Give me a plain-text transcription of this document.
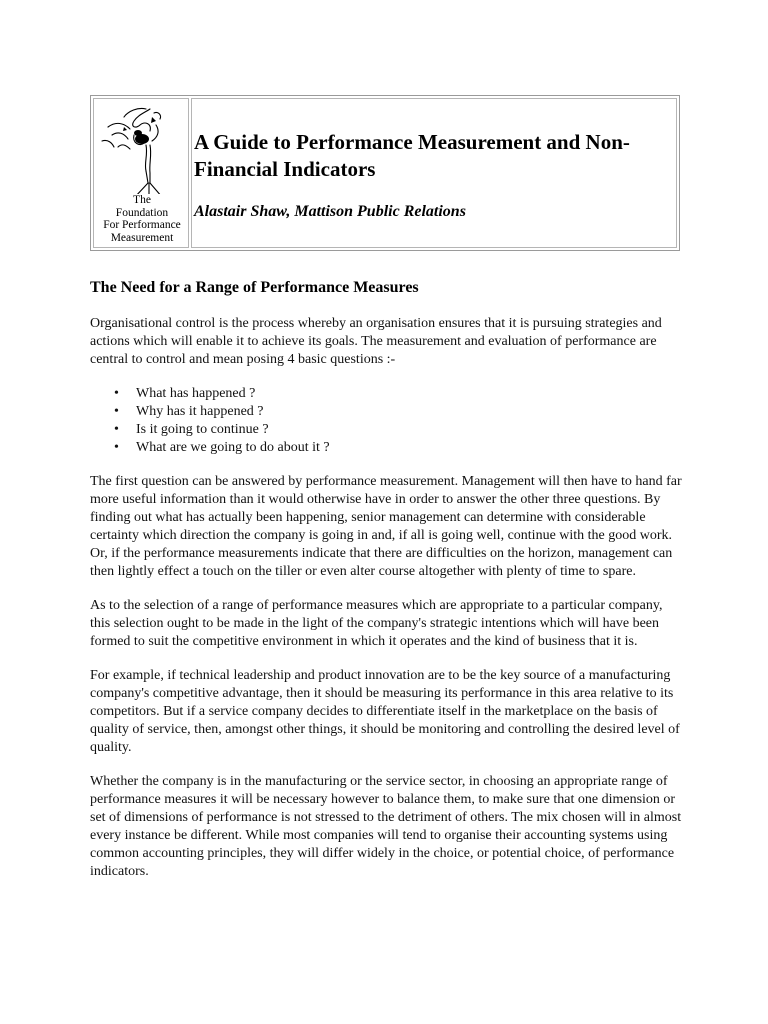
The
Foundation
For Performance
Measurement
A Guide to Performance Measurement and Non-Financial Indicators

Alastair Shaw, Mattison Public Relations

The Need for a Range of Performance Measures

Organisational control is the process whereby an organisation ensures that it is pursuing strategies and actions which will enable it to achieve its goals. The measurement and evaluation of performance are central to control and mean posing 4 basic questions :-

• What has happened ?
• Why has it happened ?
• Is it going to continue ?
• What are we going to do about it ?

The first question can be answered by performance measurement. Management will then have to hand far more useful information than it would otherwise have in order to answer the other three questions. By finding out what has actually been happening, senior management can determine with considerable certainty which direction the company is going in and, if all is going well, continue with the good work. Or, if the performance measurements indicate that there are difficulties on the horizon, management can then lightly effect a touch on the tiller or even alter course altogether with plenty of time to spare.

As to the selection of a range of performance measures which are appropriate to a particular company, this selection ought to be made in the light of the company's strategic intentions which will have been formed to suit the competitive environment in which it operates and the kind of business that it is.

For example, if technical leadership and product innovation are to be the key source of a manufacturing company's competitive advantage, then it should be measuring its performance in this area relative to its competitors. But if a service company decides to differentiate itself in the marketplace on the basis of quality of service, then, amongst other things, it should be monitoring and controlling the desired level of quality.

Whether the company is in the manufacturing or the service sector, in choosing an appropriate range of performance measures it will be necessary however to balance them, to make sure that one dimension or set of dimensions of performance is not stressed to the detriment of others. The mix chosen will in almost every instance be different. While most companies will tend to organise their accounting systems using common accounting principles, they will differ widely in the choice, or potential choice, of performance indicators.
